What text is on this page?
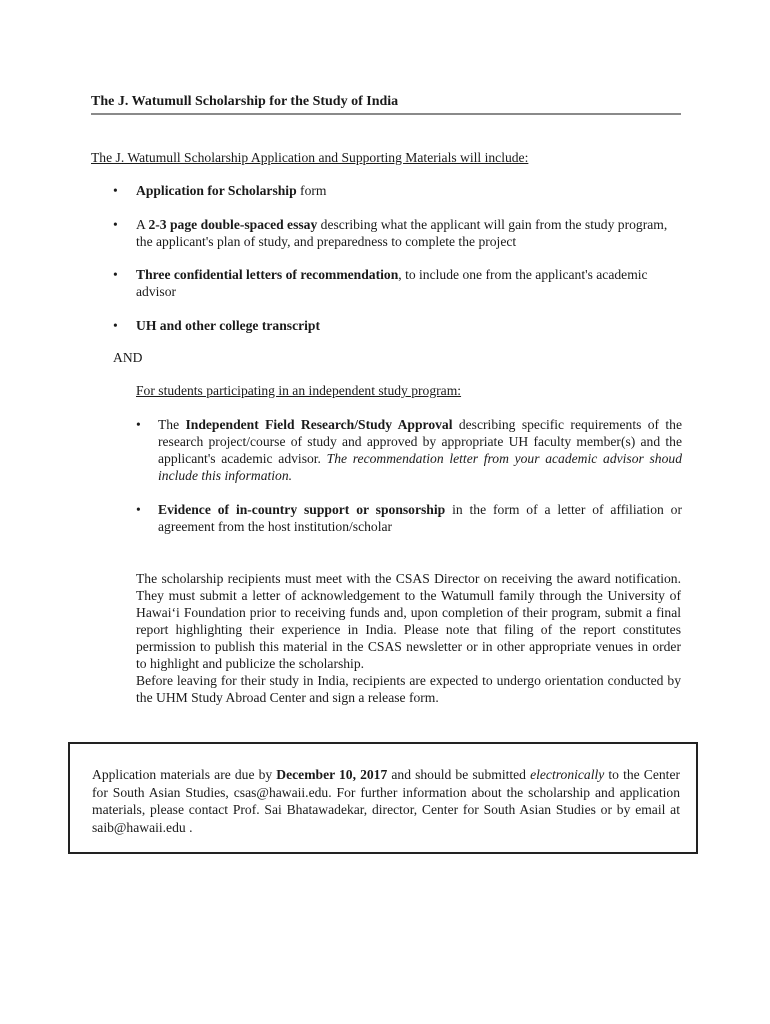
The J. Watumull Scholarship for the Study of India
The J. Watumull Scholarship Application and Supporting Materials will include:
• Application for Scholarship form
• A 2-3 page double-spaced essay describing what the applicant will gain from the study program, the applicant's plan of study, and preparedness to complete the project
• Three confidential letters of recommendation, to include one from the applicant's academic advisor
• UH and other college transcript
AND
For students participating in an independent study program:
• The Independent Field Research/Study Approval describing specific requirements of the research project/course of study and approved by appropriate UH faculty member(s) and the applicant's academic advisor. The recommendation letter from your academic advisor shoud include this information.
• Evidence of in-country support or sponsorship in the form of a letter of affiliation or agreement from the host institution/scholar
The scholarship recipients must meet with the CSAS Director on receiving the award notification. They must submit a letter of acknowledgement to the Watumull family through the University of Hawaiʻi Foundation prior to receiving funds and, upon completion of their program, submit a final report highlighting their experience in India. Please note that filing of the report constitutes permission to publish this material in the CSAS newsletter or in other appropriate venues in order to highlight and publicize the scholarship.
Before leaving for their study in India, recipients are expected to undergo orientation conducted by the UHM Study Abroad Center and sign a release form.
Application materials are due by December 10, 2017 and should be submitted electronically to the Center for South Asian Studies, csas@hawaii.edu. For further information about the scholarship and application materials, please contact Prof. Sai Bhatawadekar, director, Center for South Asian Studies or by email at saib@hawaii.edu .
